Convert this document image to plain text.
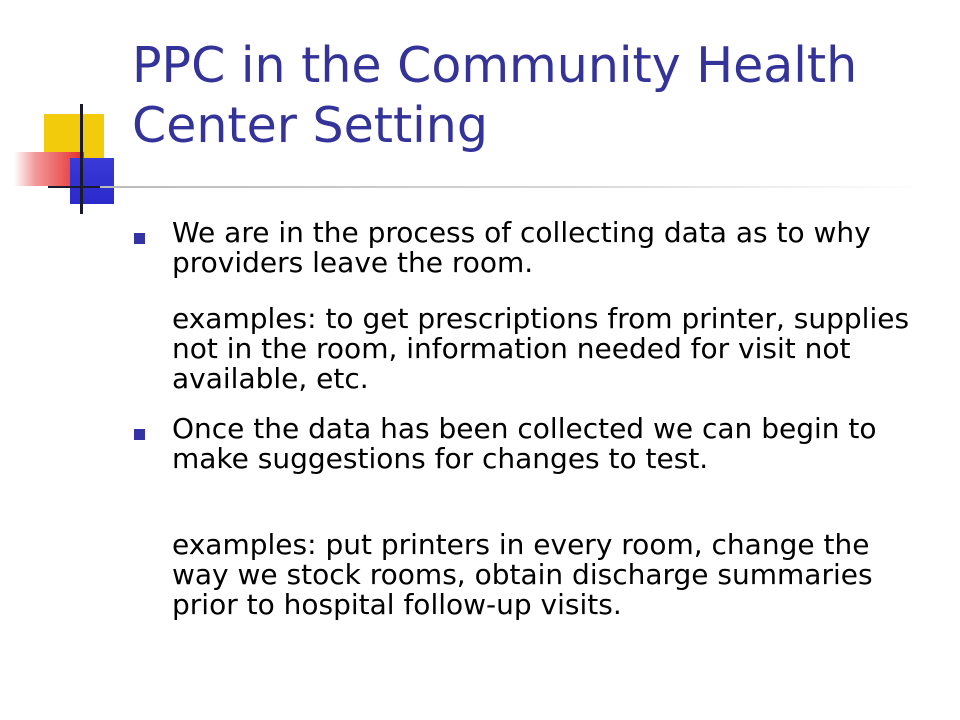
PPC in the Community Health Center Setting

We are in the process of collecting data as to why providers leave the room.

examples: to get prescriptions from printer, supplies not in the room, information needed for visit not available, etc.

Once the data has been collected we can begin to make suggestions for changes to test.

examples: put printers in every room, change the way we stock rooms, obtain discharge summaries prior to hospital follow-up visits.
